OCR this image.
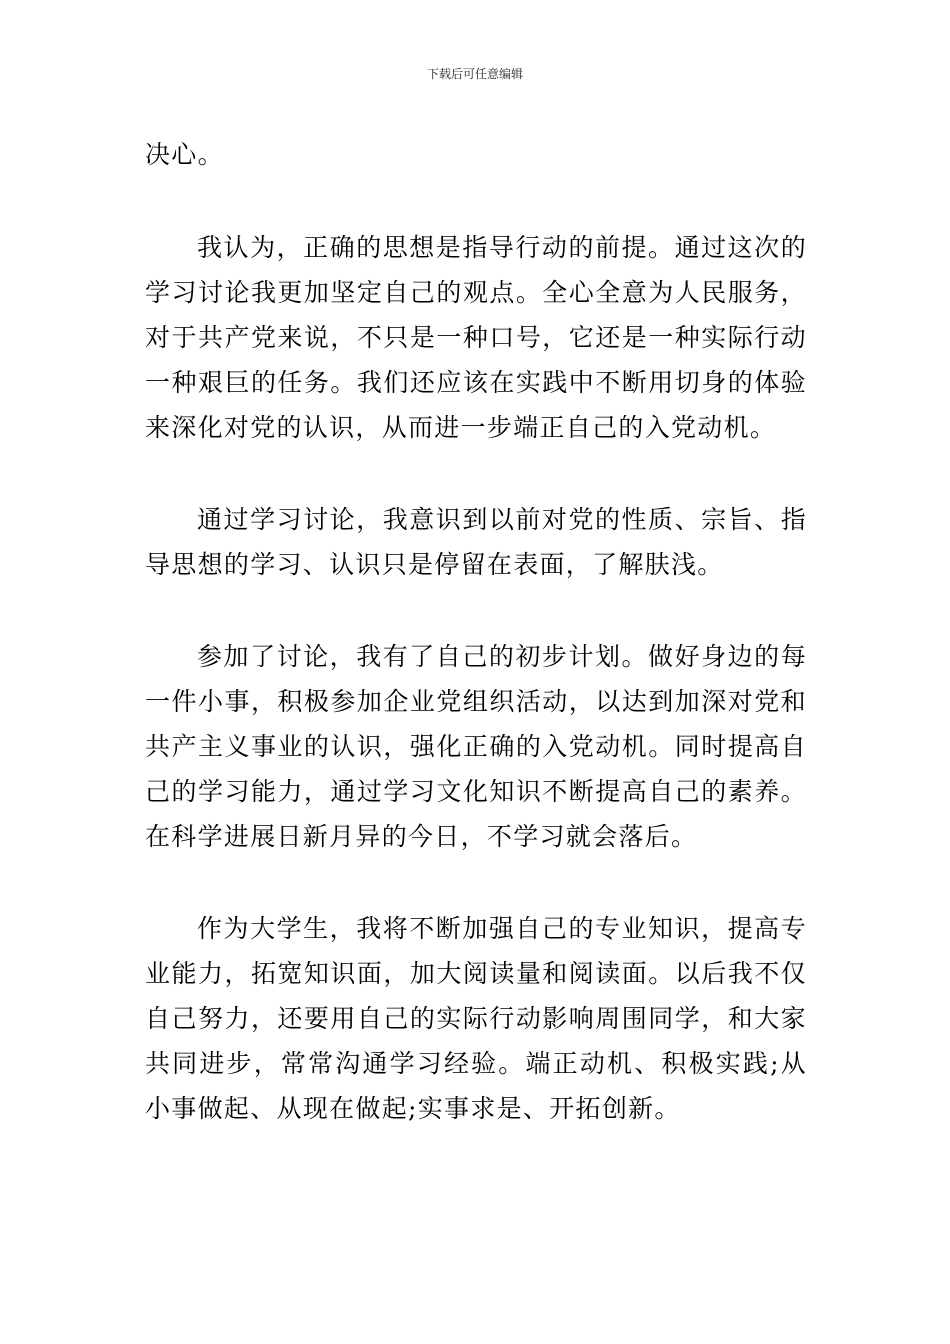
下载后可任意编辑

决心。

我认为，正确的思想是指导行动的前提。通过这次的学习讨论我更加坚定自己的观点。全心全意为人民服务，对于共产党来说，不只是一种口号，它还是一种实际行动一种艰巨的任务。我们还应该在实践中不断用切身的体验来深化对党的认识，从而进一步端正自己的入党动机。

通过学习讨论，我意识到以前对党的性质、宗旨、指导思想的学习、认识只是停留在表面，了解肤浅。

参加了讨论，我有了自己的初步计划。做好身边的每一件小事，积极参加企业党组织活动，以达到加深对党和共产主义事业的认识，强化正确的入党动机。同时提高自己的学习能力，通过学习文化知识不断提高自己的素养。在科学进展日新月异的今日，不学习就会落后。

作为大学生，我将不断加强自己的专业知识，提高专业能力，拓宽知识面，加大阅读量和阅读面。以后我不仅自己努力，还要用自己的实际行动影响周围同学，和大家共同进步，常常沟通学习经验。端正动机、积极实践;从小事做起、从现在做起;实事求是、开拓创新。
